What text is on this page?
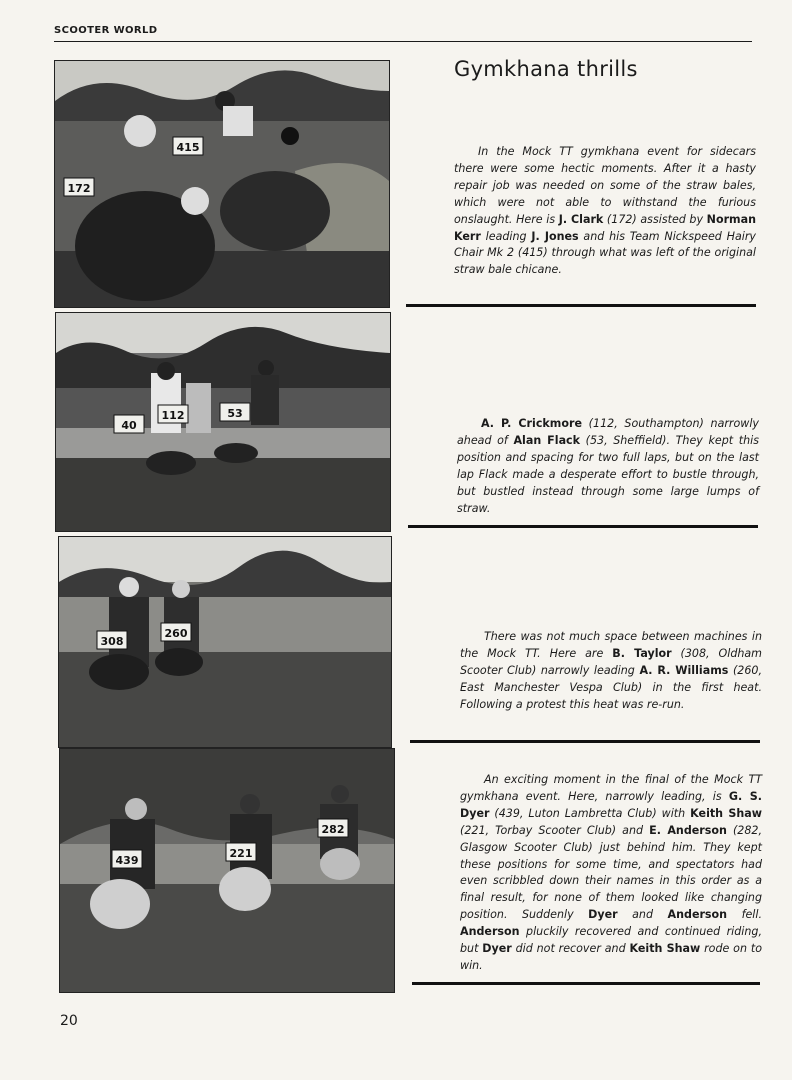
SCOOTER WORLD
172
415
112	53
40
308
260
439
221
282
Gymkhana thrills
In the Mock TT gymkhana event for sidecars there were some hectic moments. After it a hasty repair job was needed on some of the straw bales, which were not able to withstand the furious onslaught. Here is J. Clark (172) assisted by Norman Kerr leading J. Jones and his Team Nickspeed Hairy Chair Mk 2 (415) through what was left of the original straw bale chicane.
A. P. Crickmore (112, Southampton) narrowly ahead of Alan Flack (53, Sheffield). They kept this position and spacing for two full laps, but on the last lap Flack made a desperate effort to bustle through, but bustled instead through some large lumps of straw.
There was not much space between machines in the Mock TT. Here are B. Taylor (308, Oldham Scooter Club) narrowly leading A. R. Williams (260, East Manchester Vespa Club) in the first heat. Following a protest this heat was re-run.
An exciting moment in the final of the Mock TT gymkhana event. Here, narrowly leading, is G. S. Dyer (439, Luton Lambretta Club) with Keith Shaw (221, Torbay Scooter Club) and E. Anderson (282, Glasgow Scooter Club) just behind him. They kept these positions for some time, and spectators had even scribbled down their names in this order as a final result, for none of them looked like changing position. Suddenly Dyer and Anderson fell. Anderson pluckily recovered and continued riding, but Dyer did not recover and Keith Shaw rode on to win.
20
